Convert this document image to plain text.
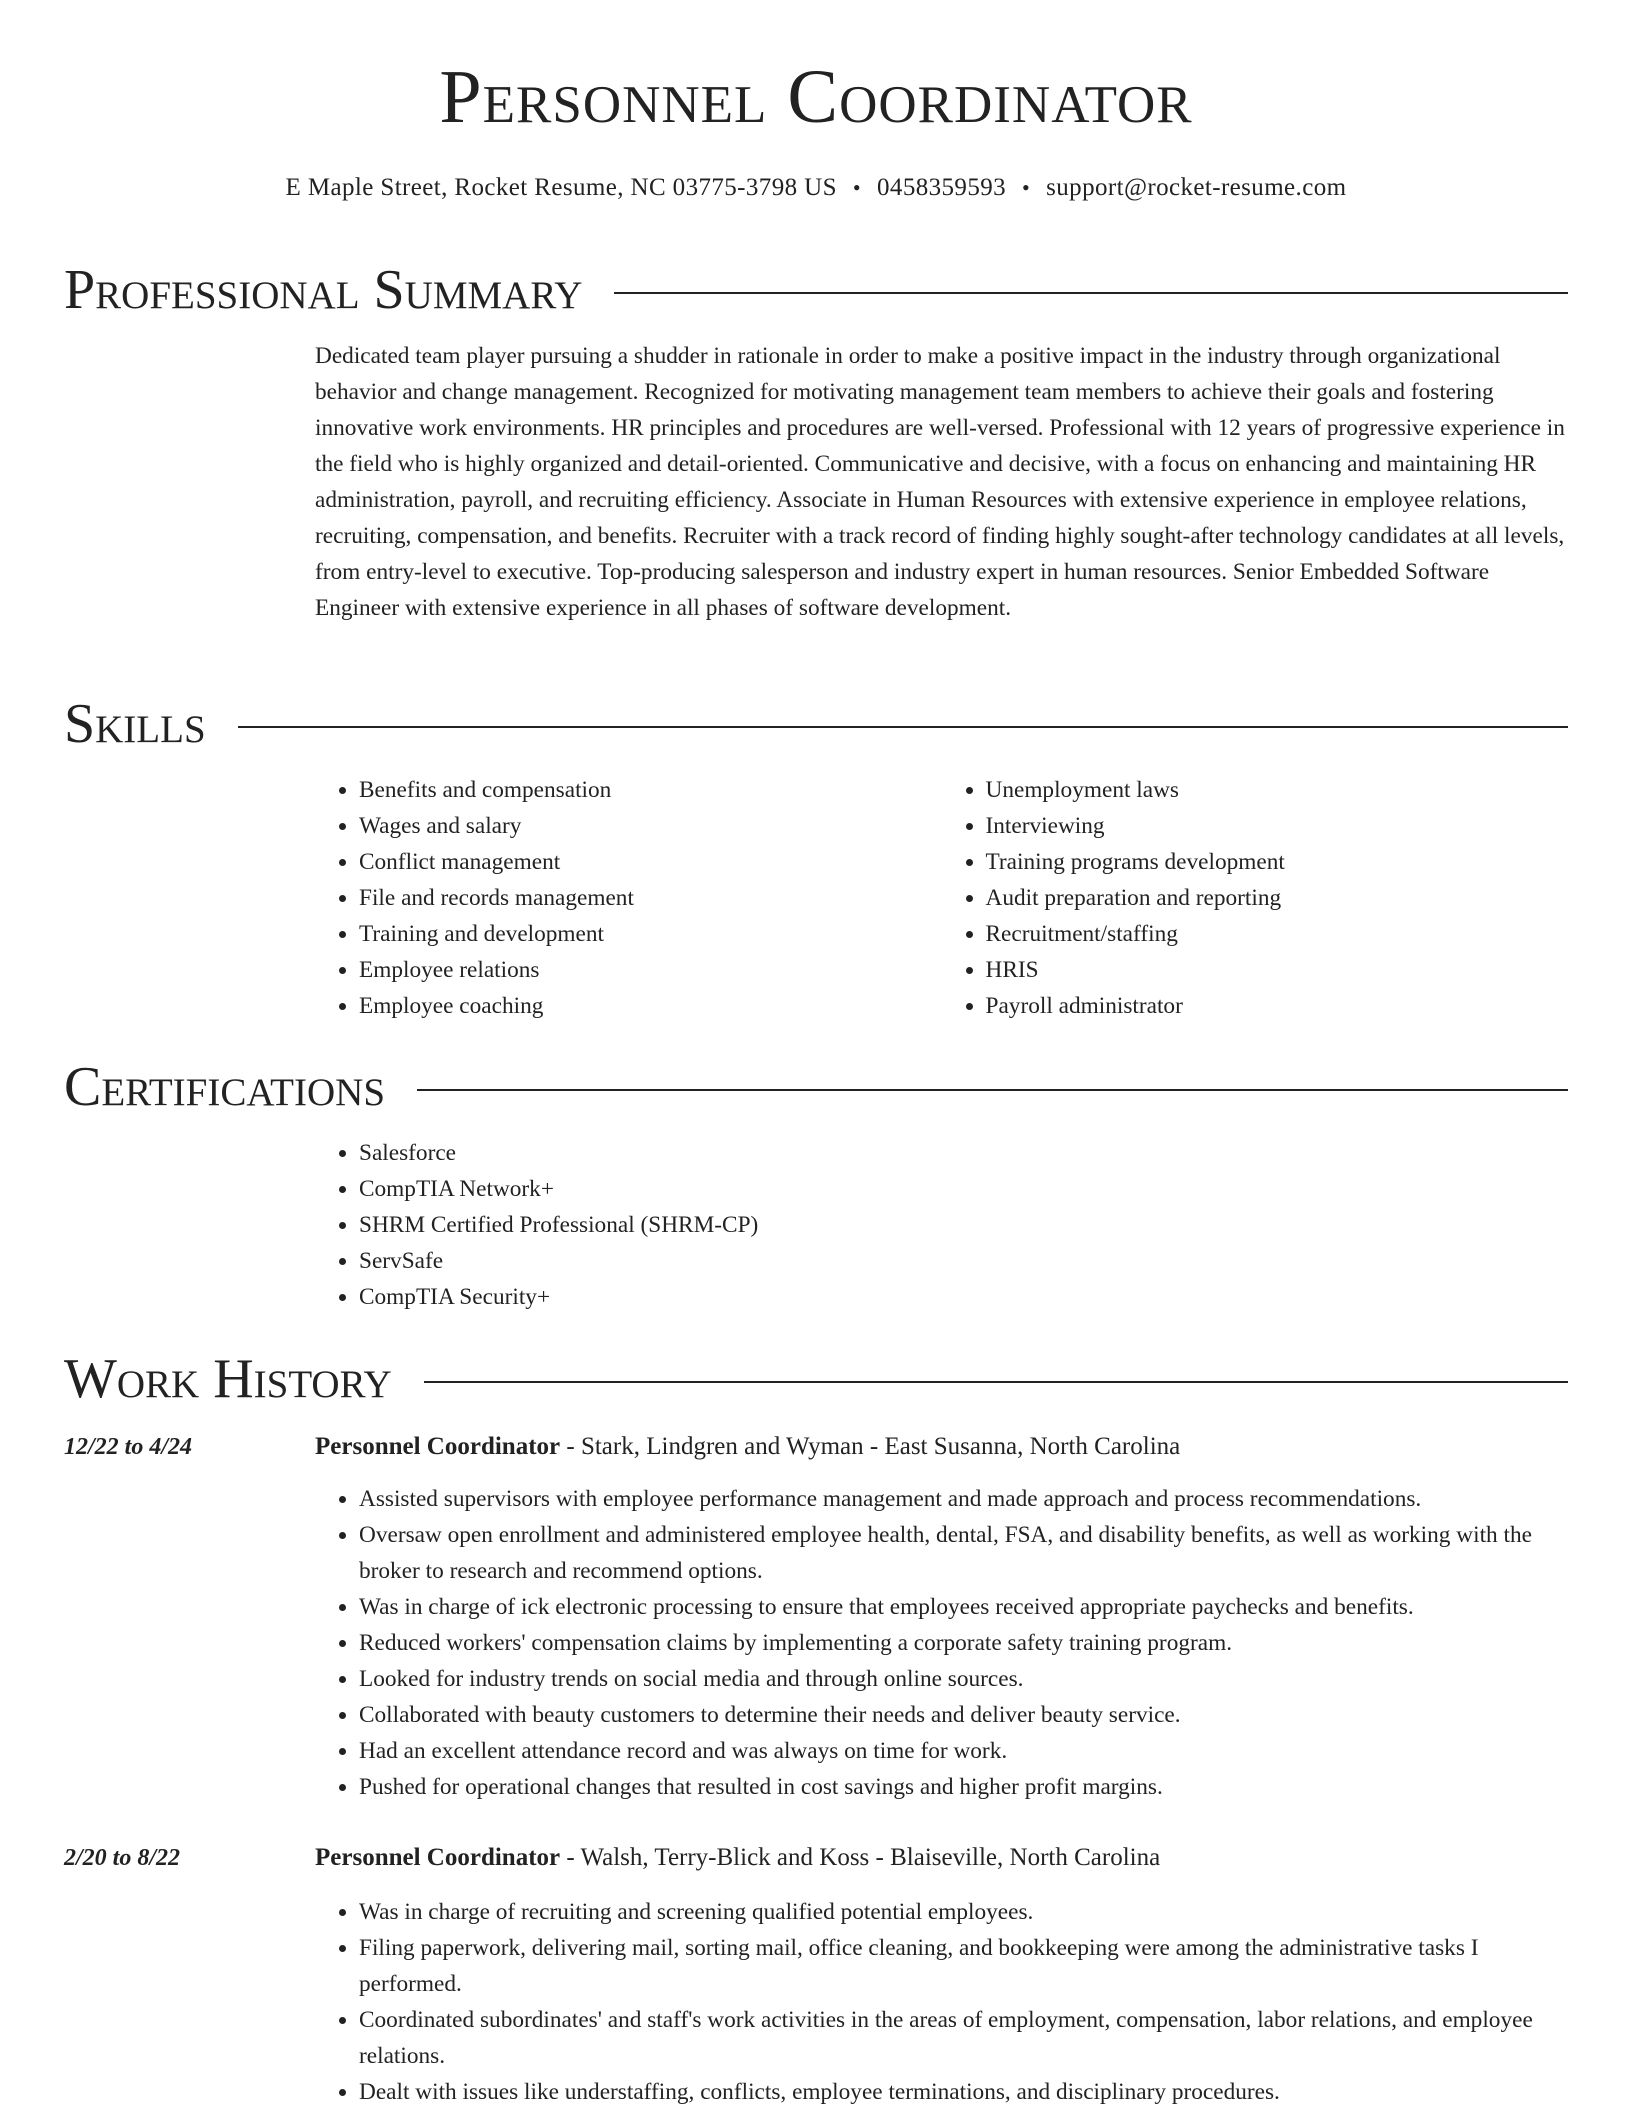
Personnel Coordinator
E Maple Street, Rocket Resume, NC 03775-3798 US • 0458359593 • support@rocket-resume.com
Professional Summary
Dedicated team player pursuing a shudder in rationale in order to make a positive impact in the industry through organizational behavior and change management. Recognized for motivating management team members to achieve their goals and fostering innovative work environments. HR principles and procedures are well-versed. Professional with 12 years of progressive experience in the field who is highly organized and detail-oriented. Communicative and decisive, with a focus on enhancing and maintaining HR administration, payroll, and recruiting efficiency. Associate in Human Resources with extensive experience in employee relations, recruiting, compensation, and benefits. Recruiter with a track record of finding highly sought-after technology candidates at all levels, from entry-level to executive. Top-producing salesperson and industry expert in human resources. Senior Embedded Software Engineer with extensive experience in all phases of software development.
Skills
• Benefits and compensation
• Wages and salary
• Conflict management
• File and records management
• Training and development
• Employee relations
• Employee coaching
• Unemployment laws
• Interviewing
• Training programs development
• Audit preparation and reporting
• Recruitment/staffing
• HRIS
• Payroll administrator
Certifications
• Salesforce
• CompTIA Network+
• SHRM Certified Professional (SHRM-CP)
• ServSafe
• CompTIA Security+
Work History
12/22 to 4/24	Personnel Coordinator - Stark, Lindgren and Wyman - East Susanna, North Carolina
• Assisted supervisors with employee performance management and made approach and process recommendations.
• Oversaw open enrollment and administered employee health, dental, FSA, and disability benefits, as well as working with the broker to research and recommend options.
• Was in charge of ick electronic processing to ensure that employees received appropriate paychecks and benefits.
• Reduced workers' compensation claims by implementing a corporate safety training program.
• Looked for industry trends on social media and through online sources.
• Collaborated with beauty customers to determine their needs and deliver beauty service.
• Had an excellent attendance record and was always on time for work.
• Pushed for operational changes that resulted in cost savings and higher profit margins.
2/20 to 8/22	Personnel Coordinator - Walsh, Terry-Blick and Koss - Blaiseville, North Carolina
• Was in charge of recruiting and screening qualified potential employees.
• Filing paperwork, delivering mail, sorting mail, office cleaning, and bookkeeping were among the administrative tasks I performed.
• Coordinated subordinates' and staff's work activities in the areas of employment, compensation, labor relations, and employee relations.
• Dealt with issues like understaffing, conflicts, employee terminations, and disciplinary procedures.
